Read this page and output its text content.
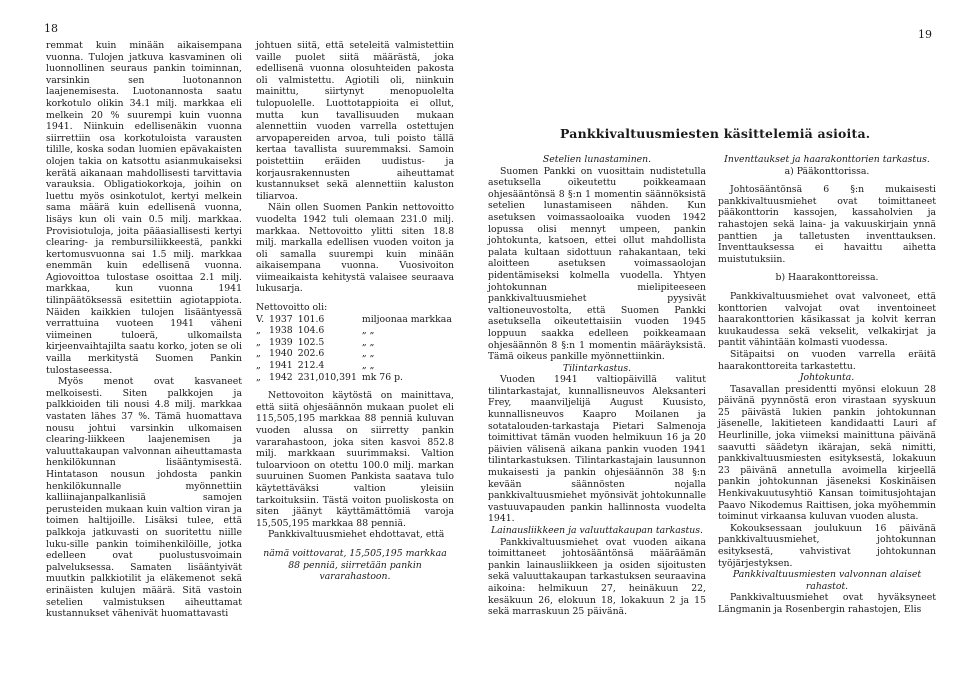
18	19
Pankkivaltuusmiesten käsittelemiä asioita.

remmat kuin minään aikaisempana vuonna. Tulojen jatkuva kasvaminen oli luonnollinen seuraus pankin toiminnan, varsinkin sen luotonannon laajenemisesta. Luotonannosta saatu korkotulo olikin 34.1 milj. markkaa eli melkein 20 % suurempi kuin vuonna 1941. Niinkuin edellisenäkin vuonna siirrettiin osa korkotuloista varausten tilille, koska sodan luomien epävakaisten olojen takia on katsottu asianmukaiseksi kerätä aikanaan mahdollisesti tarvittavia varauksia. Obligatiokorkoja, joihin on luettu myös osinkotulot, kertyi melkein sama määrä kuin edellisenä vuonna, lisäys kun oli vain 0.5 milj. markkaa. Provisiotuloja, joita pääasiallisesti kertyi clearing- ja rembursiliikkeestä, pankki kertomusvuonna sai 1.5 milj. markkaa enemmän kuin edellisenä vuonna. Agiovoittoa tulostase osoittaa 2.1 milj. markkaa, kun vuonna 1941 tilinpäätöksessä esitettiin agiotappiota. Näiden kaikkien tulojen lisääntyessä verrattuina vuoteen 1941 väheni viimeinen tuloerä, ulkomailsta kirjeenvaihtajilta saatu korko, joten se oli vailla merkitystä Suomen Pankin tulostaseessa.

Myös menot ovat kasvaneet melkoisesti. Siten palkkojen ja palkkioiden tili nousi 4.8 milj. markkaa vastaten lähes 37 %. Tämä huomattava nousu johtui varsinkin ulkomaisen clearing-liikkeen laajenemisen ja valuuttakaupan valvonnan aiheuttamasta henkilökunnan lisääntymisestä. Hintatason nousun johdosta pankin henkilökunnalle myönnettiin kalliinajanpalkanlisiä samojen perusteiden mukaan kuin valtion viran ja toimen haltijoille. Lisäksi tulee, että palkkoja jatkuvasti on suoritettu niille luku-sille pankin toimihenkilöille, jotka edelleen ovat puolustusvoimain palveluksessa. Samaten lisääntyivät muutkin palkkiotilit ja eläkemenot sekä erinäisten kulujen määrä. Sitä vastoin setelien valmistuksen aiheuttamat kustannukset vähenivät huomattavasti

johtuen siitä, että seteleitä valmistettiin vaille puolet siitä määrästä, joka edellisenä vuonna olosuhteiden pakosta oli valmistettu. Agiotili oli, niinkuin mainittu, siirtynyt menopuolelta tulopuolelle. Luottotappioita ei ollut, mutta kun tavallisuuden mukaan alennettiin vuoden varrella ostettujen arvopapereiden arvoa, tuli poisto tällä kertaa tavallista suuremmaksi. Samoin poistettiin eräiden uudistus- ja korjausrakennusten aiheuttamat kustannukset sekä alennettiin kaluston tiliarvoa.

Näin ollen Suomen Pankin nettovoitto vuodelta 1942 tuli olemaan 231.0 milj. markkaa. Nettovoitto ylitti siten 18.8 milj. markalla edellisen vuoden voiton ja oli samalla suurempi kuin minään aikaisempana vuonna. Vuosivoiton viimeaikaista kehitystä valaisee seuraava lukusarja.

Nettovoitto oli:

V.	1937	101.6	miljoonaa markkaa
„	1938	104.6	„ „
„	1939	102.5	„ „
„	1940	202.6	„ „
„	1941	212.4	„ „
„	1942	231,010,391	mk 76 p.

Nettovoiton käytöstä on mainittava, että siitä ohjesäännön mukaan puolet eli 115,505,195 markkaa 88 penniä kuluvan vuoden alussa on siirretty pankin vararahastoon, joka siten kasvoi 852.8 milj. markkaan suurimmaksi. Valtion tuloarvioon on otettu 100.0 milj. markan suuruinen Suomen Pankista saatava tulo käytettäväksi valtion yleisiin tarkoituksiin. Tästä voiton puoliskosta on siten jäänyt käyttämättömiä varoja 15,505,195 markkaa 88 penniä.

Pankkivaltuusmiehet ehdottavat, että

nämä voittovarat, 15,505,195 markkaa 88 penniä, siirretään pankin vararahastoon.

Setelien lunastaminen.

Suomen Pankki on vuosittain nudistetulla asetuksella oikeutettu poikkeamaan ohjesääntönsä 8 §:n 1 momentin säännöksistä setelien lunastamiseen nähden. Kun asetuksen voimassaoloaika vuoden 1942 lopussa olisi mennyt umpeen, pankin johtokunta, katsoen, ettei ollut mahdollista palata kultaan sidottuun rahakantaan, teki aloitteen asetuksen voimassaolojan pidentämiseksi kolmella vuodella. Yhtyen johtokunnan mielipiteeseen pankkivaltuusmiehet pyysivät valtioneuvostolta, että Suomen Pankki asetuksella oikeutettaisiin vuoden 1945 loppuun saakka edelleen poikkeamaan ohjesäännön 8 §:n 1 momentin määräyksistä. Tämä oikeus pankille myönnettiinkin.

Tilintarkastus.

Vuoden 1941 valtiopäivillä valitut tilintarkastajat, kunnallisneuvos Aleksanteri Frey, maanviljelijä August Kuusisto, kunnallisneuvos Kaapro Moilanen ja sotatalouden-tarkastaja Pietari Salmenoja toimittivat tämän vuoden helmikuun 16 ja 20 päivien välisenä aikana pankin vuoden 1941 tilintarkastuksen. Tilintarkastajain lausunnon mukaisesti ja pankin ohjesäännön 38 §:n kevään säännösten nojalla pankkivaltuusmiehet myönsivät johtokunnalle vastuuvapauden pankin hallinnosta vuodelta 1941.

Lainausliikkeen ja valuuttakaupan tarkastus.

Pankkivaltuusmiehet ovat vuoden aikana toimittaneet johtosääntönsä määräämän pankin lainausliikkeen ja osiden sijoitusten sekä valuuttakaupan tarkastuksen seuraavina aikoina: helmikuun 27, heinäkuun 22, kesäkuun 26, elokuun 18, lokakuun 2 ja 15 sekä marraskuun 25 päivänä.

Inventtaukset ja haarakonttorien tarkastus.

a) Pääkonttorissa.

Johtosääntönsä 6 §:n mukaisesti pankkivaltuusmiehet ovat toimittaneet pääkonttorin kassojen, kassaholvien ja rahastojen sekä laina- ja vakuuskirjain ynnä panttien ja talletusten inventtauksen. Inventtauksessa ei havaittu aihetta muistutuksiin.

b) Haarakonttoreissa.

Pankkivaltuusmiehet ovat valvoneet, että konttorien valvojat ovat inventoineet haarakonttorien käsikassat ja kolvit kerran kuukaudessa sekä vekselit, velkakirjat ja pantit vähintään kolmasti vuodessa.

Sitäpaitsi on vuoden varrella eräitä haarakonttoreita tarkastettu.

Johtokunta.

Tasavallan presidentti myönsi elokuun 28 päivänä pyynnöstä eron virastaan syyskuun 25 päivästä lukien pankin johtokunnan jäsenelle, lakitieteen kandidaatti Lauri af Heurlinille, joka viimeksi mainittuna päivänä saavutti säädetyn ikärajan, sekä nimitti, pankkivaltuusmiesten esityksestä, lokakuun 23 päivänä annetulla avoimella kirjeellä pankin johtokunnan jäseneksi Koskinäisen Henkivakuutusyhtiö Kansan toimitusjohtajan Paavo Nikodemus Raittisen, joka myöhemmin toiminut virkaansa kuluvan vuoden alusta.

Kokouksessaan joulukuun 16 päivänä pankkivaltuusmiehet, johtokunnan esityksestä, vahvistivat johtokunnan työjärjestyksen.

Pankkivaltuusmiesten valvonnan alaiset rahastot.

Pankkivaltuusmiehet ovat hyväksyneet Längmanin ja Rosenbergin rahastojen, Elis
